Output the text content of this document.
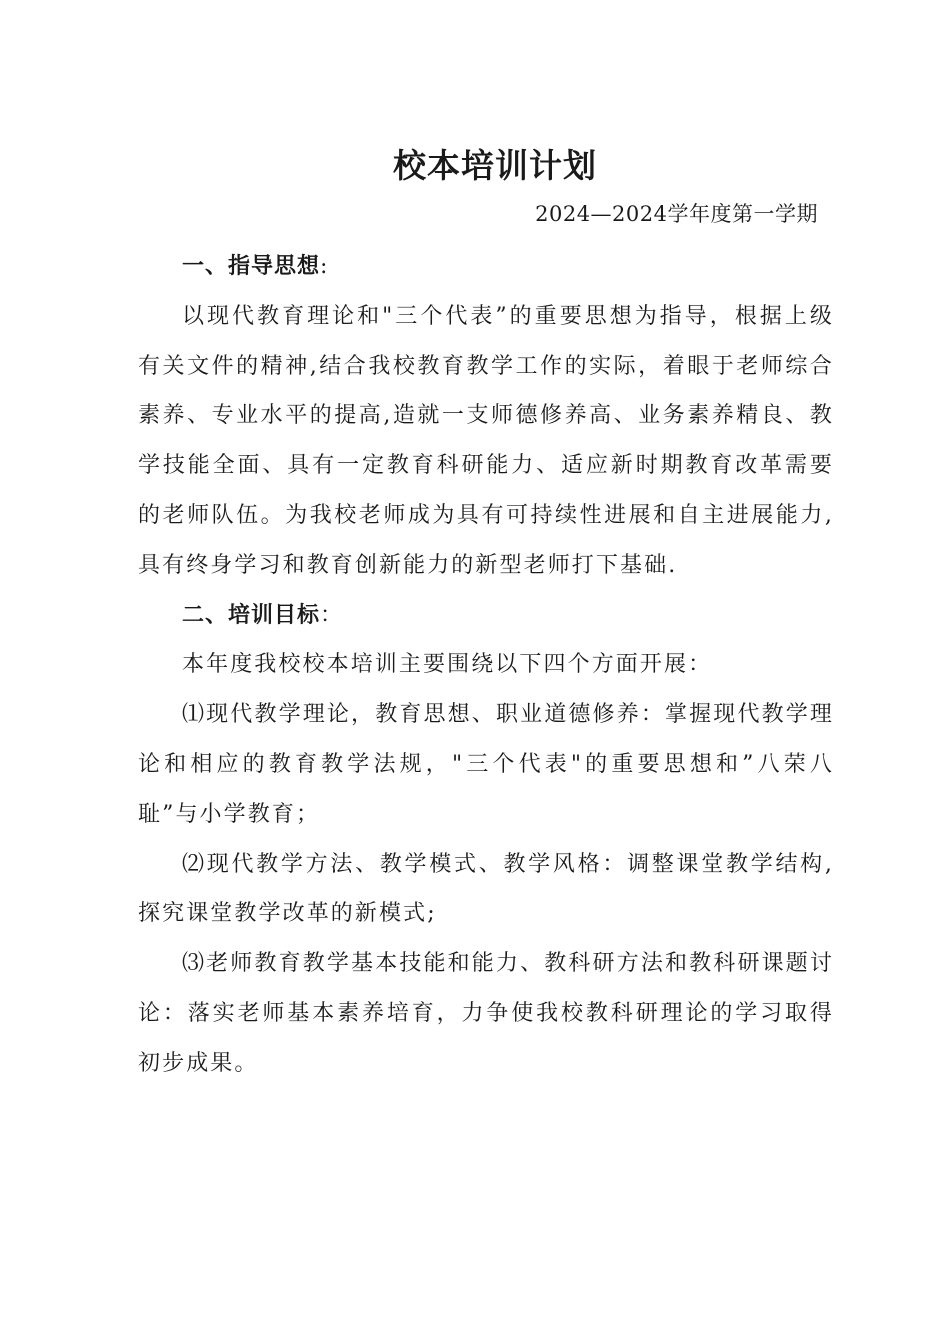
校本培训计划
2024—2024学年度第一学期

一、指导思想:

以现代教育理论和"三个代表”的重要思想为指导，根据上级有关文件的精神,结合我校教育教学工作的实际，着眼于老师综合素养、专业水平的提高,造就一支师德修养高、业务素养精良、教学技能全面、具有一定教育科研能力、适应新时期教育改革需要的老师队伍。为我校老师成为具有可持续性进展和自主进展能力,具有终身学习和教育创新能力的新型老师打下基础.

二、培训目标：

本年度我校校本培训主要围绕以下四个方面开展：

⑴现代教学理论，教育思想、职业道德修养：掌握现代教学理论和相应的教育教学法规，"三个代表"的重要思想和”八荣八耻”与小学教育；

⑵现代教学方法、教学模式、教学风格：调整课堂教学结构,探究课堂教学改革的新模式;

⑶老师教育教学基本技能和能力、教科研方法和教科研课题讨论：落实老师基本素养培育，力争使我校教科研理论的学习取得初步成果。
